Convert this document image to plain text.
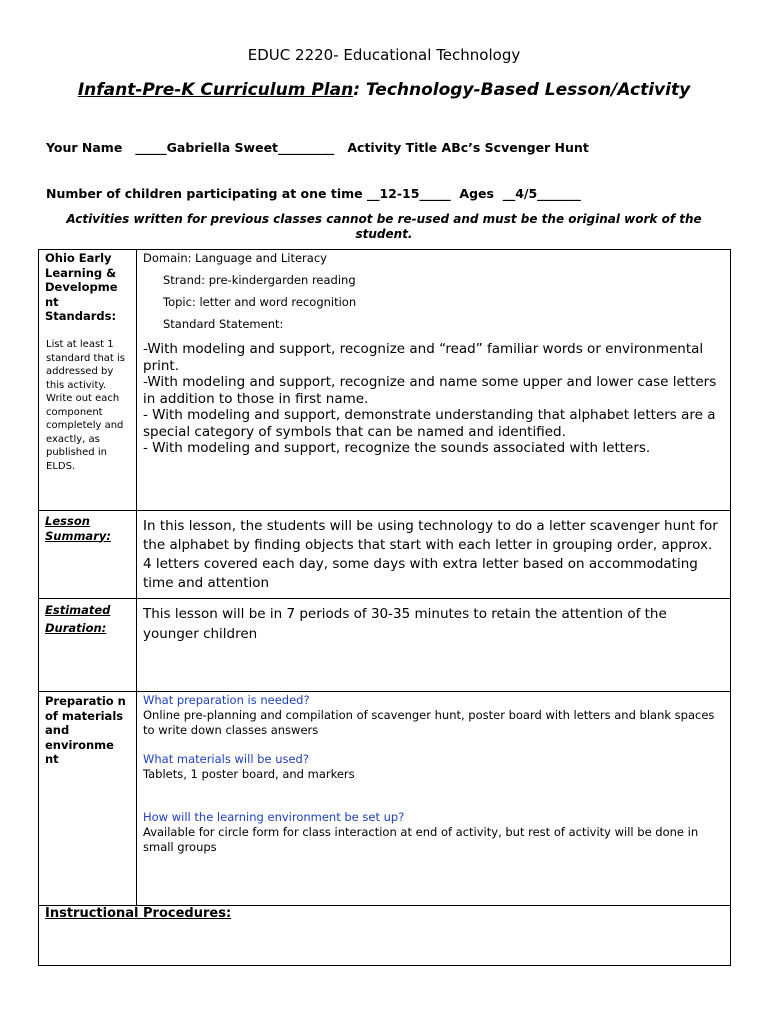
EDUC 2220- Educational Technology
Infant-Pre-K Curriculum Plan: Technology-Based Lesson/Activity
Your Name _____Gabriella Sweet_________ Activity Title ABc’s Scvenger Hunt
Number of children participating at one time __12-15_____ Ages __4/5_______
Activities written for previous classes cannot be re-used and must be the original work of the student.
Ohio Early Learning & Developme nt Standards:
List at least 1 standard that is addressed by this activity. Write out each component completely and exactly, as published in ELDS.
Domain: Language and Literacy
Strand: pre-kindergarden reading
Topic: letter and word recognition
Standard Statement:
-With modeling and support, recognize and “read” familiar words or environmental print.
-With modeling and support, recognize and name some upper and lower case letters in addition to those in first name.
- With modeling and support, demonstrate understanding that alphabet letters are a special category of symbols that can be named and identified.
- With modeling and support, recognize the sounds associated with letters.
Lesson Summary:
In this lesson, the students will be using technology to do a letter scavenger hunt for the alphabet by finding objects that start with each letter in grouping order, approx. 4 letters covered each day, some days with extra letter based on accommodating time and attention
Estimated Duration:
This lesson will be in 7 periods of 30-35 minutes to retain the attention of the younger children
Preparatio n of materials and environme nt
What preparation is needed?
Online pre-planning and compilation of scavenger hunt, poster board with letters and blank spaces to write down classes answers
What materials will be used?
Tablets, 1 poster board, and markers
How will the learning environment be set up?
Available for circle form for class interaction at end of activity, but rest of activity will be done in small groups
Instructional Procedures:
